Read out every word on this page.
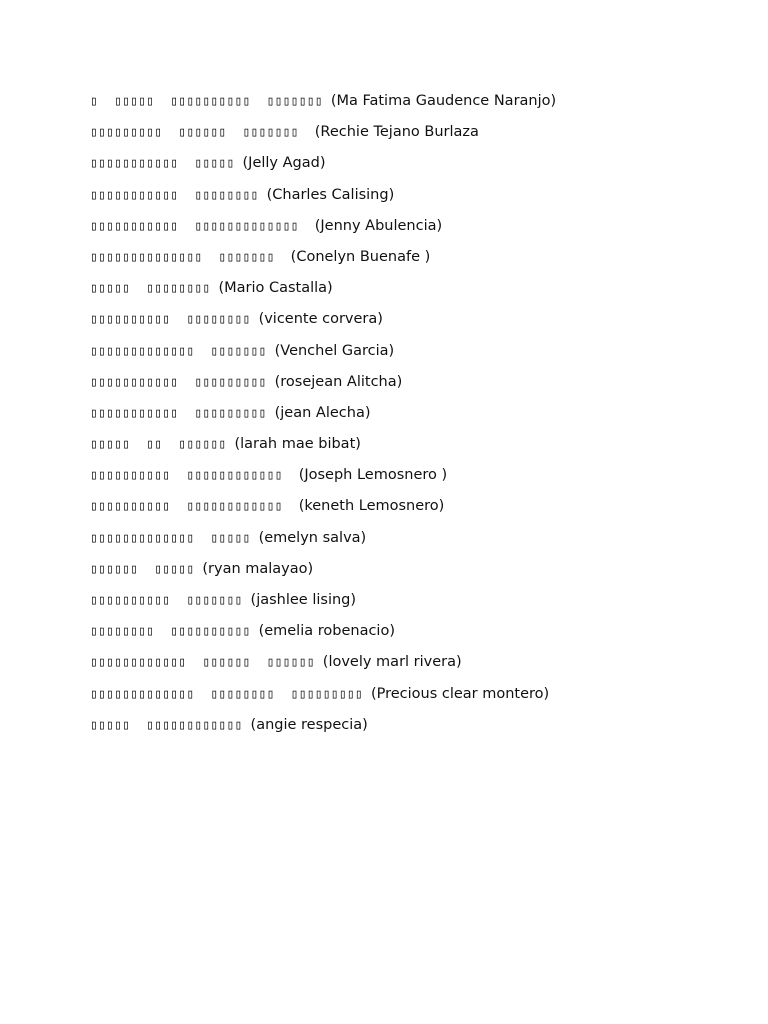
▯  ▯▯▯▯▯  ▯▯▯▯▯▯▯▯▯▯  ▯▯▯▯▯▯▯ (Ma Fatima Gaudence Naranjo)
▯▯▯▯▯▯▯▯▯  ▯▯▯▯▯▯  ▯▯▯▯▯▯▯ (Rechie Tejano Burlaza
▯▯▯▯▯▯▯▯▯▯▯  ▯▯▯▯▯ (Jelly Agad)
▯▯▯▯▯▯▯▯▯▯▯  ▯▯▯▯▯▯▯▯ (Charles Calising)
▯▯▯▯▯▯▯▯▯▯▯  ▯▯▯▯▯▯▯▯▯▯▯▯▯ (Jenny Abulencia)
▯▯▯▯▯▯▯▯▯▯▯▯▯▯  ▯▯▯▯▯▯▯ (Conelyn Buenafe )
▯▯▯▯▯  ▯▯▯▯▯▯▯▯ (Mario Castalla)
▯▯▯▯▯▯▯▯▯▯  ▯▯▯▯▯▯▯▯ (vicente corvera)
▯▯▯▯▯▯▯▯▯▯▯▯▯  ▯▯▯▯▯▯▯ (Venchel Garcia)
▯▯▯▯▯▯▯▯▯▯▯  ▯▯▯▯▯▯▯▯▯ (rosejean Alitcha)
▯▯▯▯▯▯▯▯▯▯▯  ▯▯▯▯▯▯▯▯▯ (jean Alecha)
▯▯▯▯▯  ▯▯  ▯▯▯▯▯▯ (larah mae bibat)
▯▯▯▯▯▯▯▯▯▯  ▯▯▯▯▯▯▯▯▯▯▯▯ (Joseph Lemosnero )
▯▯▯▯▯▯▯▯▯▯  ▯▯▯▯▯▯▯▯▯▯▯▯ (keneth Lemosnero)
▯▯▯▯▯▯▯▯▯▯▯▯▯  ▯▯▯▯▯ (emelyn salva)
▯▯▯▯▯▯  ▯▯▯▯▯ (ryan malayao)
▯▯▯▯▯▯▯▯▯▯  ▯▯▯▯▯▯▯ (jashlee lising)
▯▯▯▯▯▯▯▯  ▯▯▯▯▯▯▯▯▯▯ (emelia robenacio)
▯▯▯▯▯▯▯▯▯▯▯▯  ▯▯▯▯▯▯  ▯▯▯▯▯▯ (lovely marl rivera)
▯▯▯▯▯▯▯▯▯▯▯▯▯  ▯▯▯▯▯▯▯▯  ▯▯▯▯▯▯▯▯▯ (Precious clear montero)
▯▯▯▯▯  ▯▯▯▯▯▯▯▯▯▯▯▯ (angie respecia)
